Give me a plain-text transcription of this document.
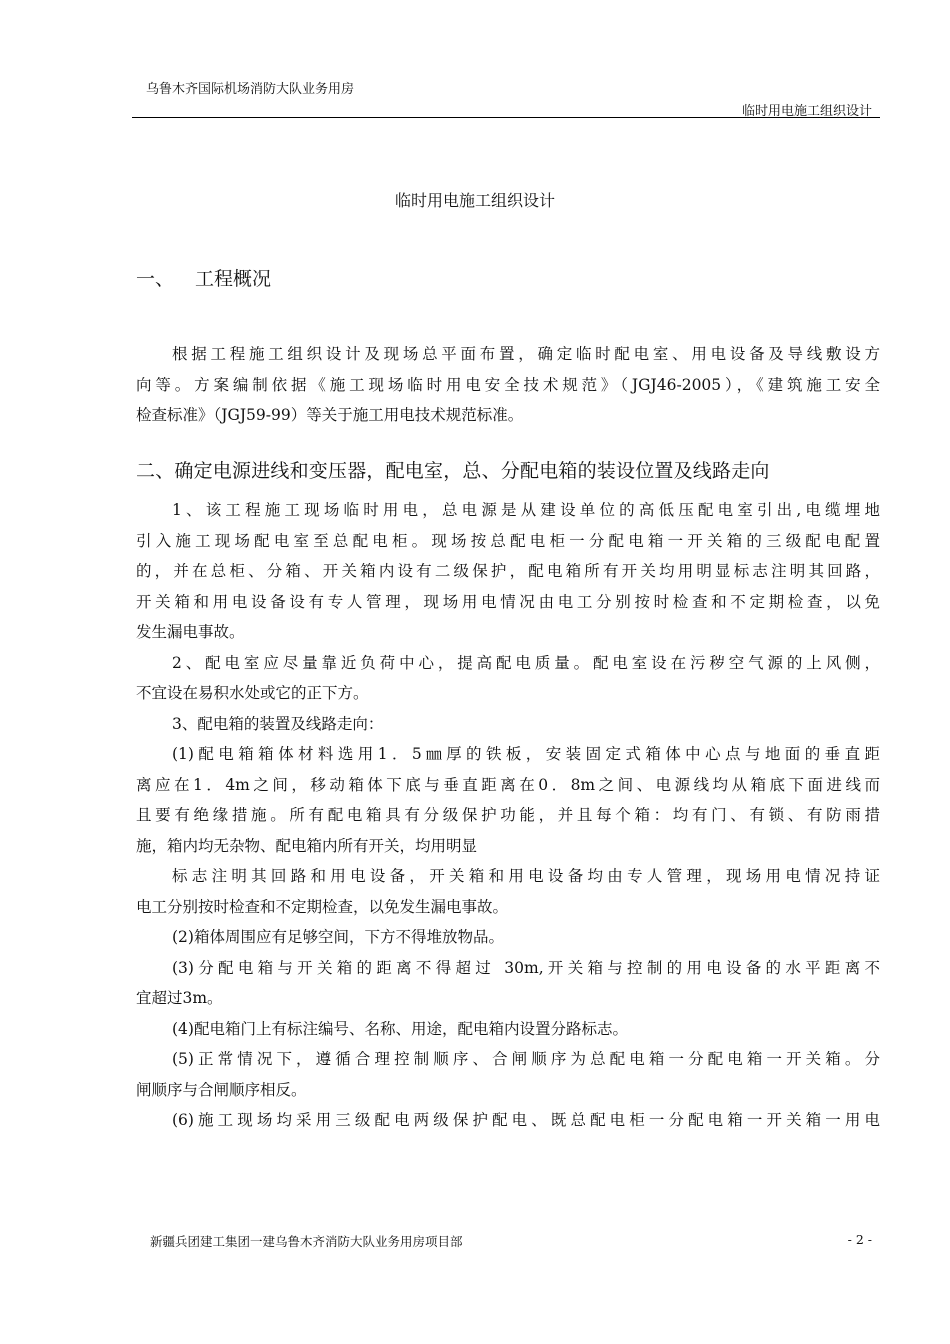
乌鲁木齐国际机场消防大队业务用房
临时用电施工组织设计
临时用电施工组织设计
一、 工程概况

根据工程施工组织设计及现场总平面布置，确定临时配电室、用电设备及导线敷设方

向等。方案编制依据《施工现场临时用电安全技术规范》（JGJ46-2005），《建筑施工安全

检查标准》（JGJ59-99）等关于施工用电技术规范标准。

二、确定电源进线和变压器，配电室，总、分配电箱的装设位置及线路走向

1、该工程施工现场临时用电，总电源是从建设单位的高低压配电室引出,电缆埋地

引入施工现场配电室至总配电柜。现场按总配电柜一分配电箱一开关箱的三级配电配置

的，并在总柜、分箱、开关箱内设有二级保护，配电箱所有开关均用明显标志注明其回路，

开关箱和用电设备设有专人管理，现场用电情况由电工分别按时检查和不定期检查，以免

发生漏电事故。

2、配电室应尽量靠近负荷中心，提高配电质量。配电室设在污秽空气源的上风侧，

不宜设在易积水处或它的正下方。

3、配电箱的装置及线路走向：

(1)配电箱箱体材料选用1．5㎜厚的铁板，安装固定式箱体中心点与地面的垂直距

离应在1．4m之间，移动箱体下底与垂直距离在0．8m之间、电源线均从箱底下面进线而

且要有绝缘措施。所有配电箱具有分级保护功能，并且每个箱：均有门、有锁、有防雨措

施，箱内均无杂物、配电箱内所有开关，均用明显

标志注明其回路和用电设备，开关箱和用电设备均由专人管理，现场用电情况持证

电工分别按时检查和不定期检查，以免发生漏电事故。

(2)箱体周围应有足够空间，下方不得堆放物品。

(3)分配电箱与开关箱的距离不得超过 30m,开关箱与控制的用电设备的水平距离不

宜超过3m。

(4)配电箱门上有标注编号、名称、用途，配电箱内设置分路标志。

(5)正常情况下，遵循合理控制顺序、合闸顺序为总配电箱一分配电箱一开关箱。分

闸顺序与合闸顺序相反。

(6)施工现场均采用三级配电两级保护配电、既总配电柜一分配电箱一开关箱一用电

新疆兵团建工集团一建乌鲁木齐消防大队业务用房项目部	- 2 -
